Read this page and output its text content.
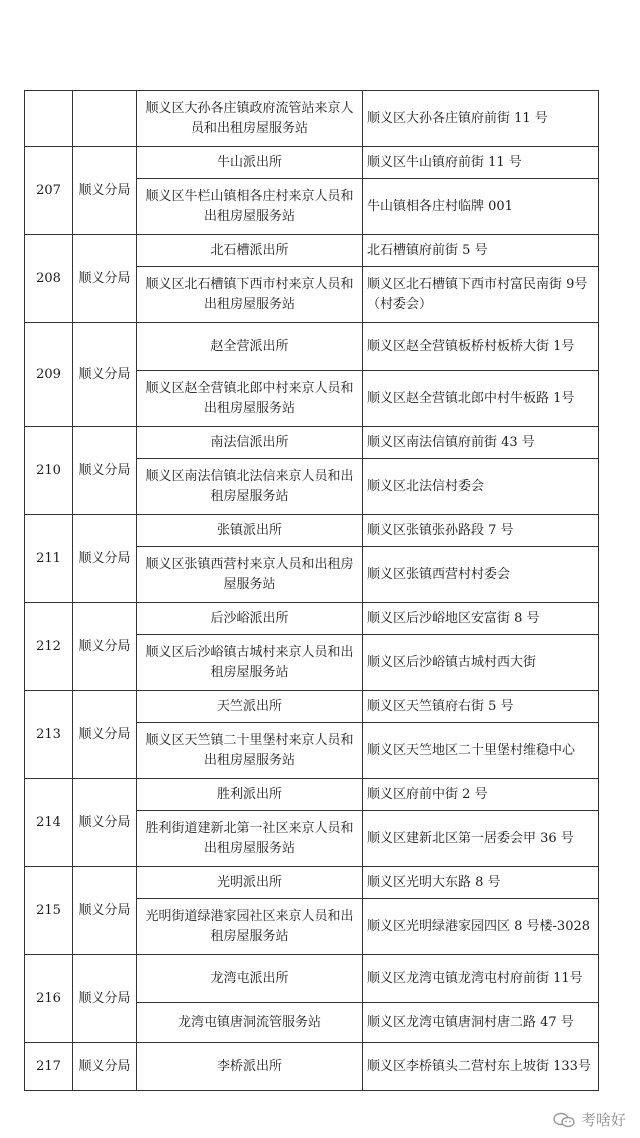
		顺义区大孙各庄镇政府流管站来京人员和出租房屋服务站	顺义区大孙各庄镇府前街 11 号
207	顺义分局	牛山派出所	顺义区牛山镇府前街 11 号
		顺义区牛栏山镇相各庄村来京人员和出租房屋服务站	牛山镇相各庄村临牌 001
208	顺义分局	北石槽派出所	北石槽镇府前街 5 号
		顺义区北石槽镇下西市村来京人员和出租房屋服务站	顺义区北石槽镇下西市村富民南街 9号（村委会）
209	顺义分局	赵全营派出所	顺义区赵全营镇板桥村板桥大街 1号
		顺义区赵全营镇北郎中村来京人员和出租房屋服务站	顺义区赵全营镇北郎中村牛板路 1号
210	顺义分局	南法信派出所	顺义区南法信镇府前街 43 号
		顺义区南法信镇北法信来京人员和出租房屋服务站	顺义区北法信村委会
211	顺义分局	张镇派出所	顺义区张镇张孙路段 7 号
		顺义区张镇西营村来京人员和出租房屋服务站	顺义区张镇西营村村委会
212	顺义分局	后沙峪派出所	顺义区后沙峪地区安富街 8 号
		顺义区后沙峪镇古城村来京人员和出租房屋服务站	顺义区后沙峪镇古城村西大街
213	顺义分局	天竺派出所	顺义区天竺镇府右街 5 号
		顺义区天竺镇二十里堡村来京人员和出租房屋服务站	顺义区天竺地区二十里堡村维稳中心
214	顺义分局	胜利派出所	顺义区府前中街 2 号
		胜利街道建新北第一社区来京人员和出租房屋服务站	顺义区建新北区第一居委会甲 36 号
215	顺义分局	光明派出所	顺义区光明大东路 8 号
		光明街道绿港家园社区来京人员和出租房屋服务站	顺义区光明绿港家园四区 8 号楼-3028
216	顺义分局	龙湾屯派出所	顺义区龙湾屯镇龙湾屯村府前街 11号
		龙湾屯镇唐洞流管服务站	顺义区龙湾屯镇唐洞村唐二路 47 号
217	顺义分局	李桥派出所	顺义区李桥镇头二营村东上坡街 133号
考啥好
